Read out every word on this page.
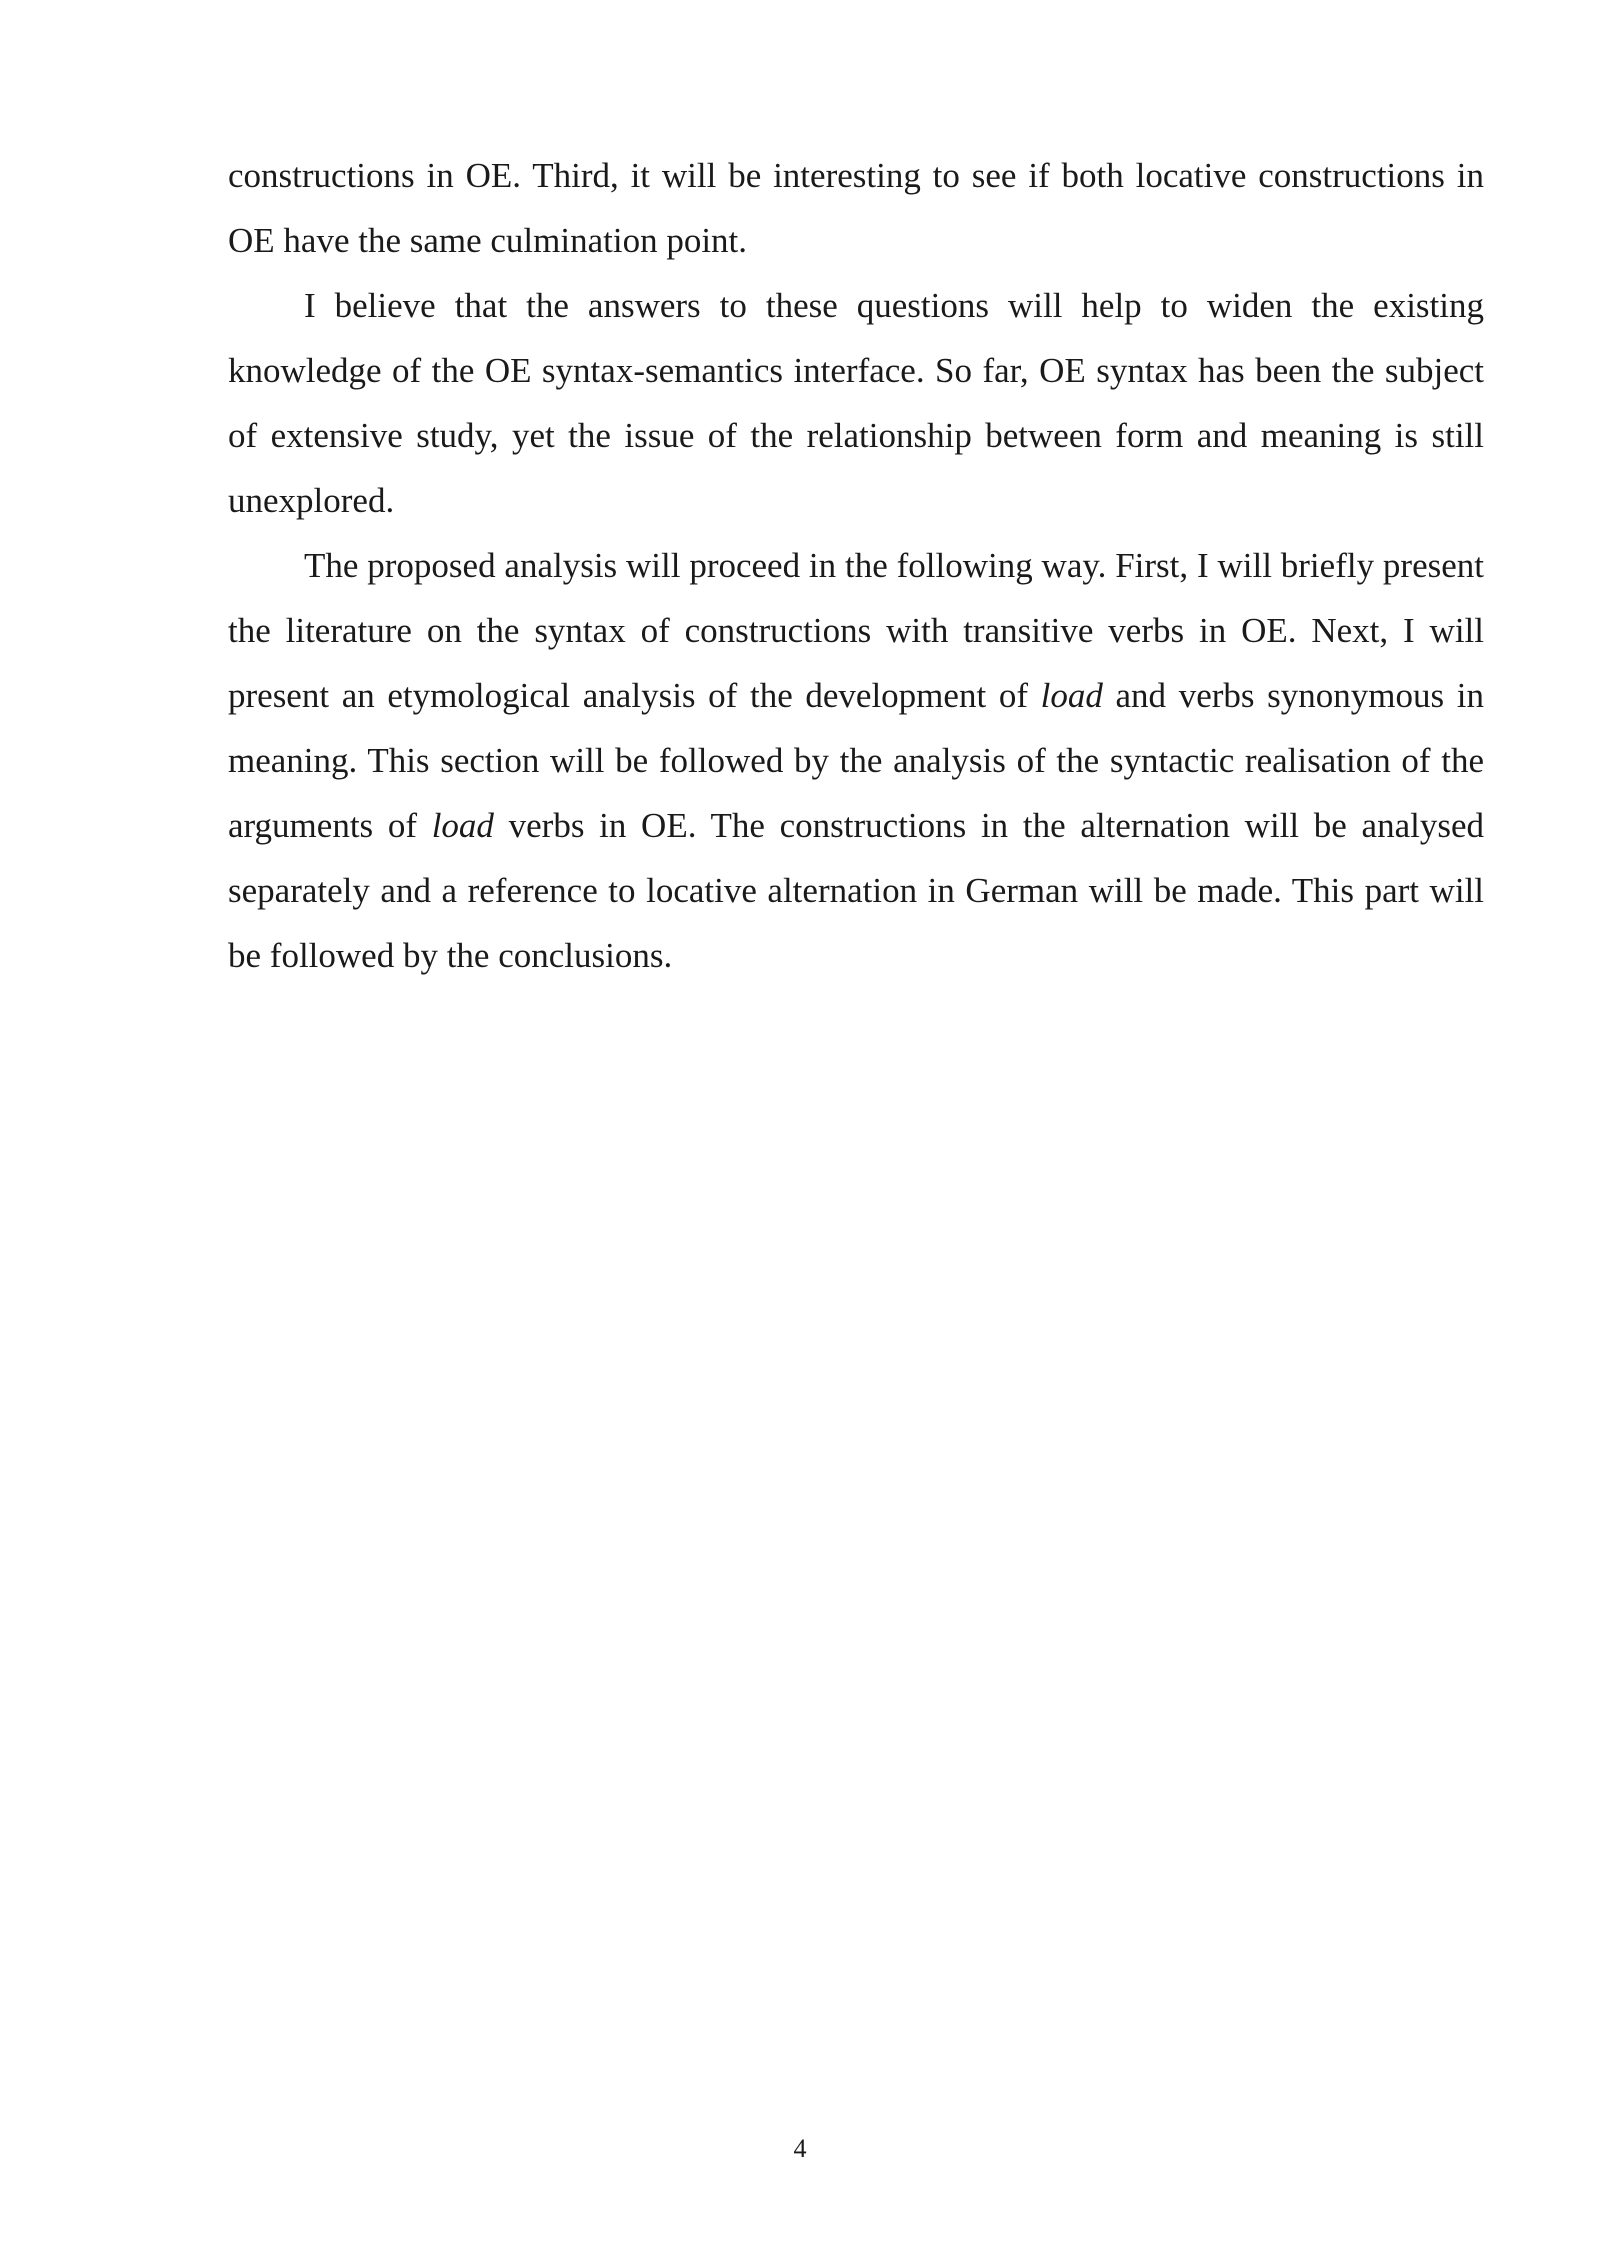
constructions in OE. Third, it will be interesting to see if both locative constructions in OE have the same culmination point.

I believe that the answers to these questions will help to widen the existing knowledge of the OE syntax-semantics interface. So far, OE syntax has been the subject of extensive study, yet the issue of the relationship between form and meaning is still unexplored.

The proposed analysis will proceed in the following way. First, I will briefly present the literature on the syntax of constructions with transitive verbs in OE. Next, I will present an etymological analysis of the development of load and verbs synonymous in meaning. This section will be followed by the analysis of the syntactic realisation of the arguments of load verbs in OE. The constructions in the alternation will be analysed separately and a reference to locative alternation in German will be made. This part will be followed by the conclusions.

4
